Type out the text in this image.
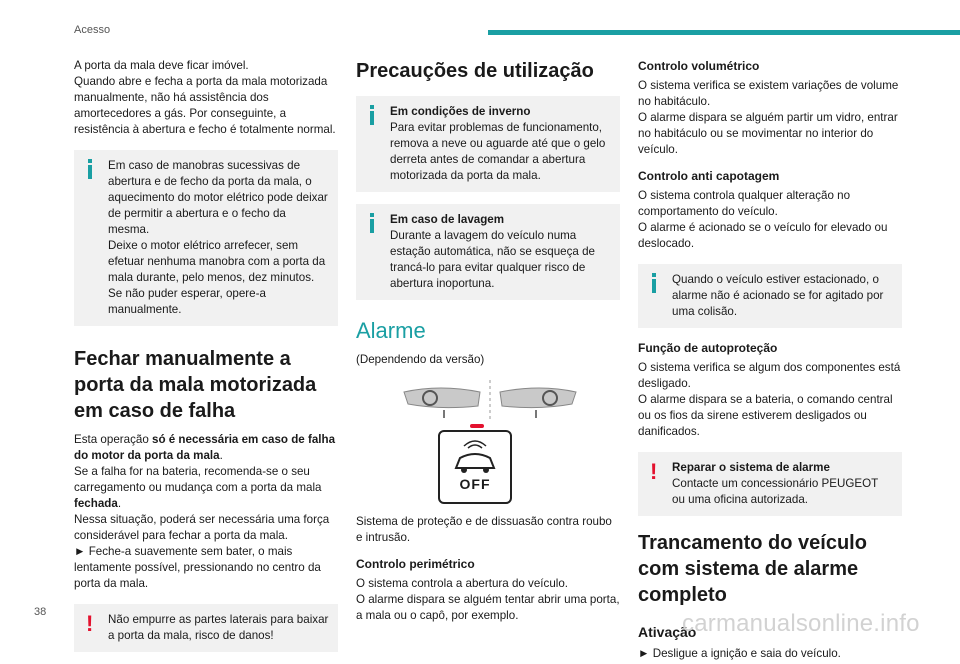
Acesso

A porta da mala deve ficar imóvel.
Quando abre e fecha a porta da mala motorizada manualmente, não há assistência dos amortecedores a gás. Por conseguinte, a resistência à abertura e fecho é totalmente normal.

Em caso de manobras sucessivas de abertura e de fecho da porta da mala, o aquecimento do motor elétrico pode deixar de permitir a abertura e o fecho da mesma.
Deixe o motor elétrico arrefecer, sem efetuar nenhuma manobra com a porta da mala durante, pelo menos, dez minutos.
Se não puder esperar, opere-a manualmente.
Fechar manualmente a porta da mala motorizada em caso de falha

Esta operação só é necessária em caso de falha do motor da porta da mala.
Se a falha for na bateria, recomenda-se o seu carregamento ou mudança com a porta da mala fechada.
Nessa situação, poderá ser necessária uma força considerável para fechar a porta da mala.
► Feche-a suavemente sem bater, o mais lentamente possível, pressionando no centro da porta da mala.

! Não empurre as partes laterais para baixar a porta da mala, risco de danos!
Precauções de utilização
Em condições de inverno
Para evitar problemas de funcionamento, remova a neve ou aguarde até que o gelo derreta antes de comandar a abertura motorizada da porta da mala.
Em caso de lavagem
Durante a lavagem do veículo numa estação automática, não se esqueça de trancá-lo para evitar qualquer risco de abertura inoportuna.
Alarme

(Dependendo da versão)

OFF

Sistema de proteção e de dissuasão contra roubo e intrusão.

Controlo perimétrico

O sistema controla a abertura do veículo.
O alarme dispara se alguém tentar abrir uma porta, a mala ou o capô, por exemplo.

Controlo volumétrico

O sistema verifica se existem variações de volume no habitáculo.
O alarme dispara se alguém partir um vidro, entrar no habitáculo ou se movimentar no interior do veículo.

Controlo anti capotagem

O sistema controla qualquer alteração no comportamento do veículo.
O alarme é acionado se o veículo for elevado ou deslocado.

Quando o veículo estiver estacionado, o alarme não é acionado se for agitado por uma colisão.
Função de autoproteção

O sistema verifica se algum dos componentes está desligado.
O alarme dispara se a bateria, o comando central ou os fios da sirene estiverem desligados ou danificados.

! Reparar o sistema de alarme
Contacte um concessionário PEUGEOT ou uma oficina autorizada.
Trancamento do veículo com sistema de alarme completo
Ativação

► Desligue a ignição e saia do veículo.

38	carmanualsonline.info
